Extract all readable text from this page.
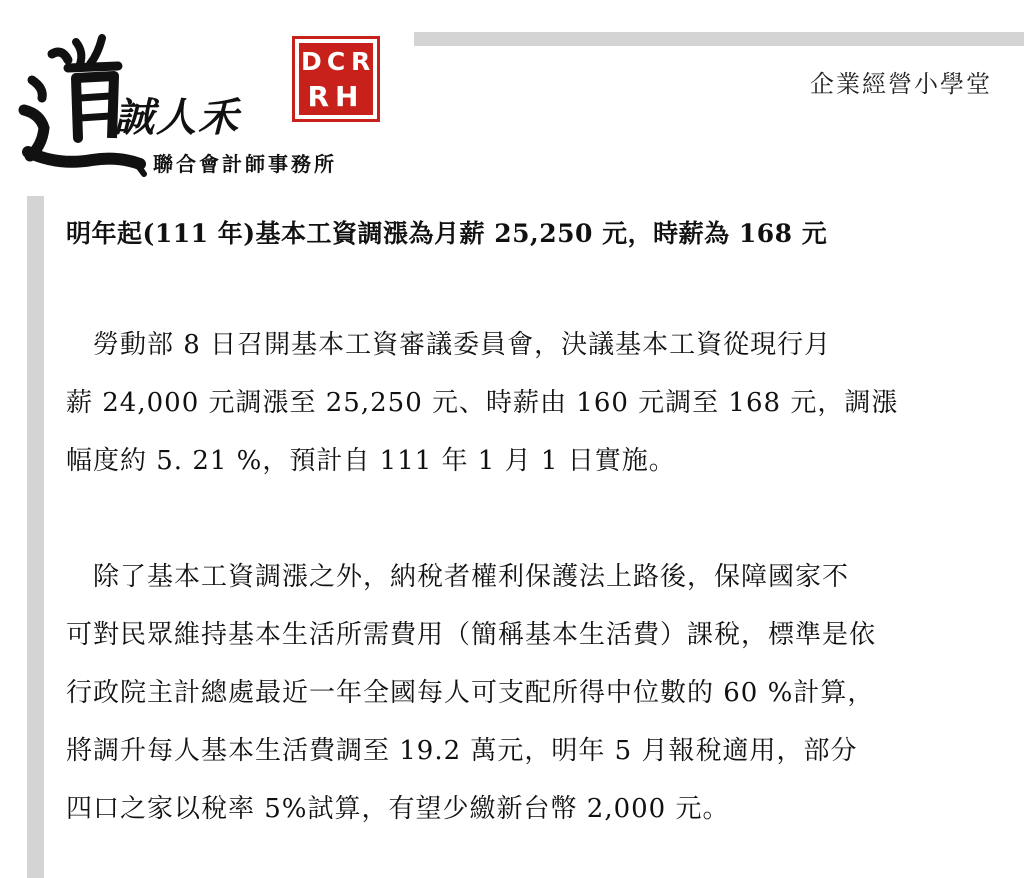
誠人禾
聯合會計師事務所
D C R
RH	企業經營小學堂
明年起(111 年)基本工資調漲為月薪 25,250 元，時薪為 168 元
　勞動部 8 日召開基本工資審議委員會，決議基本工資從現行月
薪 24,000 元調漲至 25,250 元、時薪由 160 元調至 168 元，調漲
幅度約 5. 21 %，預計自 111 年 1 月 1 日實施。
　除了基本工資調漲之外，納稅者權利保護法上路後，保障國家不
可對民眾維持基本生活所需費用（簡稱基本生活費）課稅，標準是依
行政院主計總處最近一年全國每人可支配所得中位數的 60 %計算，
將調升每人基本生活費調至 19.2 萬元，明年 5 月報稅適用，部分
四口之家以稅率 5%試算，有望少繳新台幣 2,000 元。
